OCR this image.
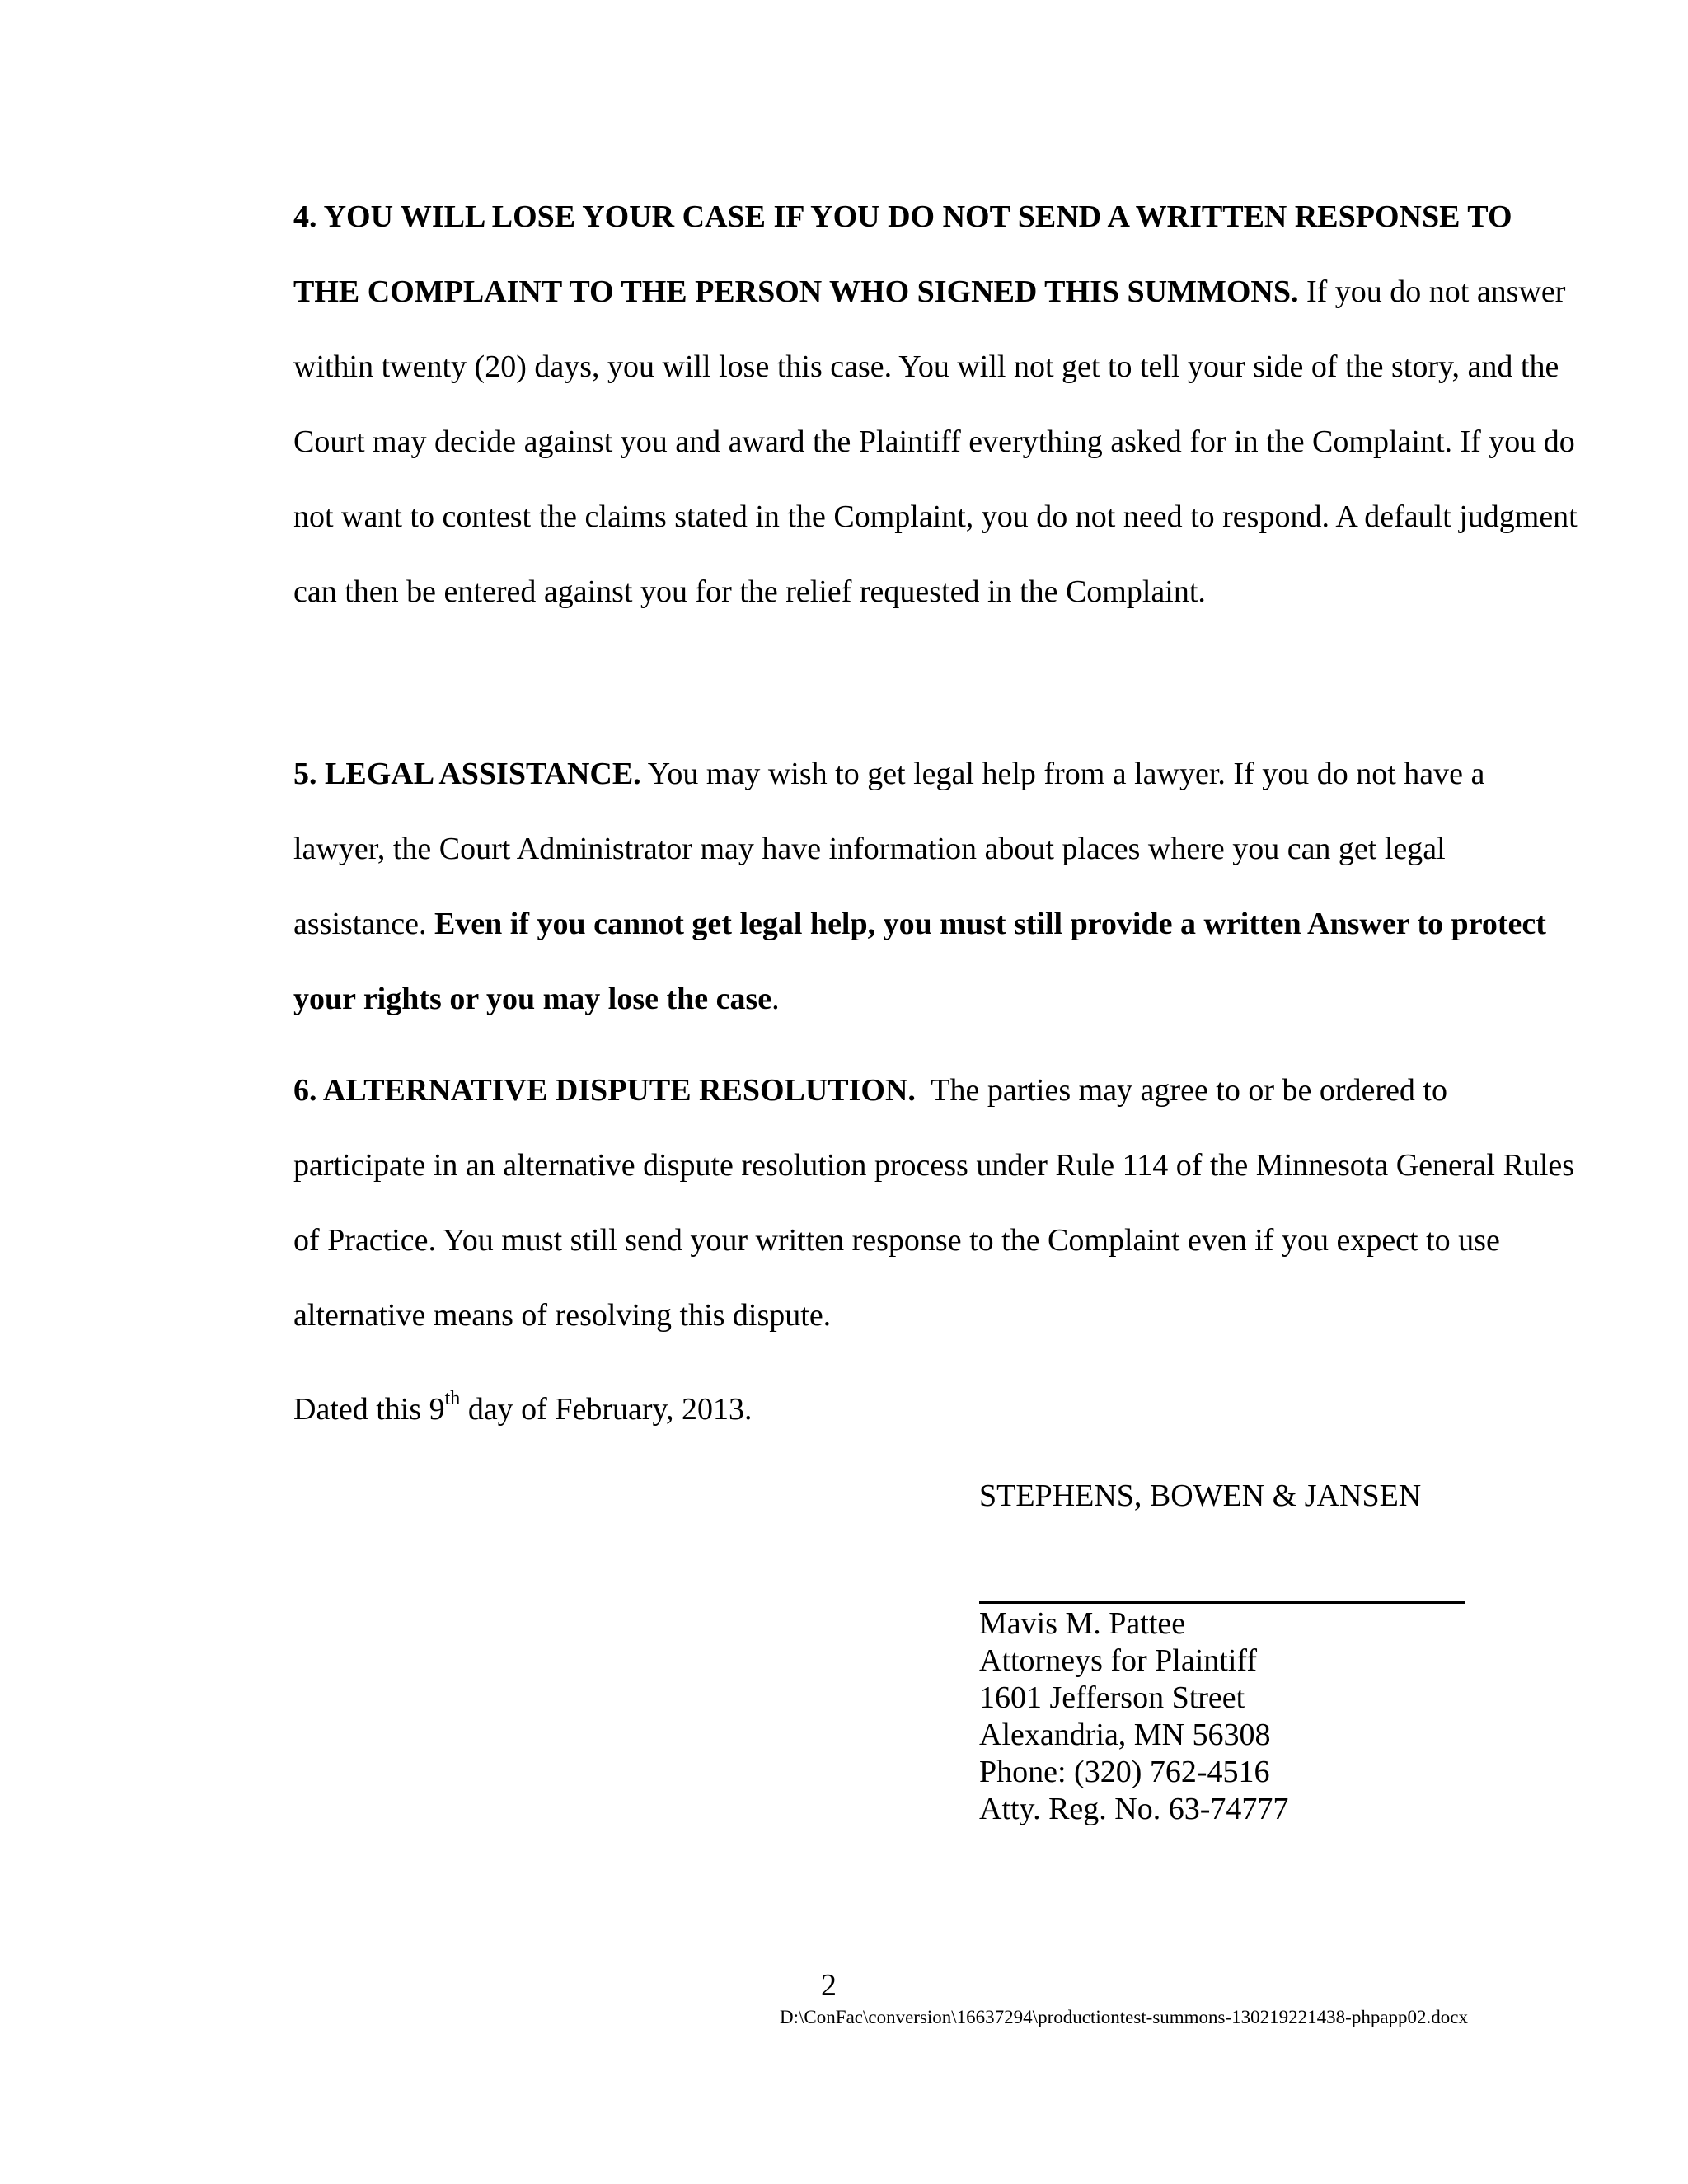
4. YOU WILL LOSE YOUR CASE IF YOU DO NOT SEND A WRITTEN RESPONSE TO THE COMPLAINT TO THE PERSON WHO SIGNED THIS SUMMONS. If you do not answer within twenty (20) days, you will lose this case. You will not get to tell your side of the story, and the Court may decide against you and award the Plaintiff everything asked for in the Complaint. If you do not want to contest the claims stated in the Complaint, you do not need to respond. A default judgment can then be entered against you for the relief requested in the Complaint.

5. LEGAL ASSISTANCE. You may wish to get legal help from a lawyer. If you do not have a lawyer, the Court Administrator may have information about places where you can get legal assistance. Even if you cannot get legal help, you must still provide a written Answer to protect your rights or you may lose the case.

6. ALTERNATIVE DISPUTE RESOLUTION. The parties may agree to or be ordered to participate in an alternative dispute resolution process under Rule 114 of the Minnesota General Rules of Practice. You must still send your written response to the Complaint even if you expect to use alternative means of resolving this dispute.

Dated this 9th day of February, 2013.
STEPHENS, BOWEN & JANSEN
Mavis M. Pattee
Attorneys for Plaintiff
1601 Jefferson Street
Alexandria, MN 56308
Phone: (320) 762-4516
Atty. Reg. No. 63-74777
2
D:\ConFac\conversion\16637294\productiontest-summons-130219221438-phpapp02.docx
